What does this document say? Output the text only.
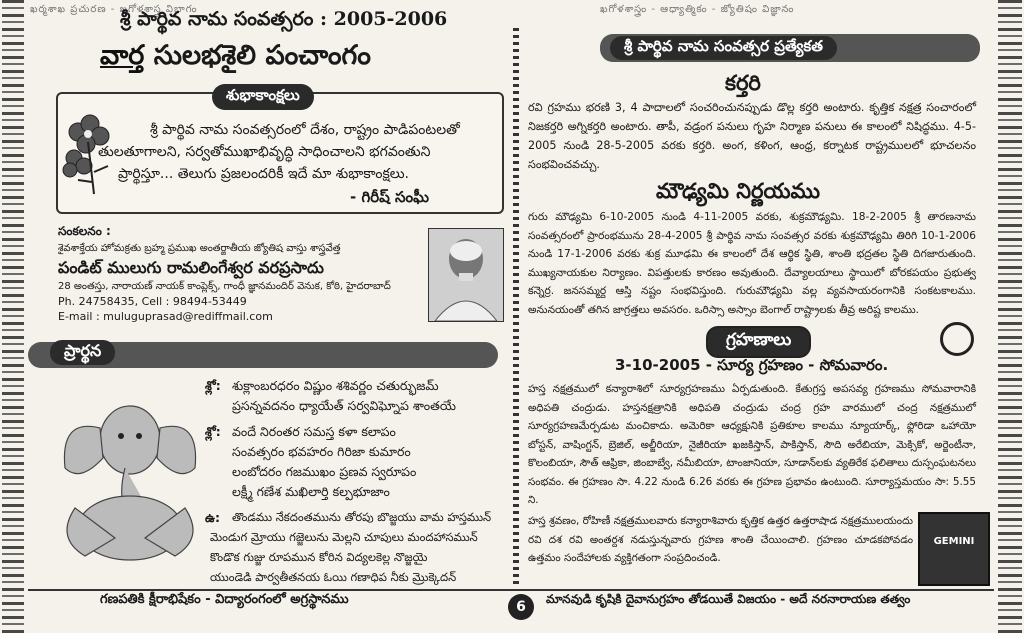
ఖర్మశాఖ ప్రచురణ - ఖగోళశాస్త్ర విభాగం	ఖగోళశాస్త్రం - ఆధ్యాత్మికం - జ్యోతిషం విజ్ఞానం
శ్రీ పార్థివ నామ సంవత్సరం : 2005-2006
వార్త సులభశైలి పంచాంగం
శుభాకాంక్షలు
శ్రీ పార్థివ నామ సంవత్సరంలో దేశం, రాష్ట్రం పాడిపంటలతో
తులతూగాలని, సర్వతోముఖాభివృద్ధి సాధించాలని భగవంతుని
ప్రార్థిస్తూ... తెలుగు ప్రజలందరికీ ఇదే మా శుభాకాంక్షలు.
- గిరీష్ సంఘీ
సంకలనం :
శైవశాక్తేయ హోమక్రతు బ్రహ్మ ప్రముఖ అంతర్జాతీయ జ్యోతిష వాస్తు శాస్త్రవేత్త
పండిట్ ములుగు రామలింగేశ్వర వరప్రసాదు
28 అంతస్తు, నారాయణ్ నాయక్ కాంప్లెక్స్, గాంధీ జ్ఞానమందిర్ వెనుక, కోఠి, హైదరాబాద్
Ph. 24758435, Cell : 98494-53449
E-mail : muluguprasad@rediffmail.com
ప్రార్థన
శ్లో: శుక్లాంబరధరం విష్ణుం శశివర్ణం చతుర్భుజమ్
ప్రసన్నవదనం ధ్యాయేత్ సర్వవిఘ్నోప శాంతయే
శ్లో: వందే నిరంతర సమస్త కళా కలాపం
సంవత్సరం భవహరం గిరిజా కుమారం
లంబోదరం గజముఖం ప్రణవ స్వరూపం
లక్ష్మీ గణేశ మఖిలార్తి కల్పభూజాం
ఉ: తొండము నేకదంతమును తోరపు బొజ్జయు వామ హస్తమున్
మెండుగ మ్రోయు గజ్జెలును మెల్లని చూపులు మందహాసమున్
కొండొక గుజ్జు రూపమున కోరిన విద్యలకెల్ల నొజ్జయై
యుండెడి పార్వతీతనయ ఓయి గణాధిప నీకు మ్రొక్కెదన్
శ్రీ పార్థివ నామ సంవత్సర ప్రత్యేకత
కర్తరి
రవి గ్రహము భరణి 3, 4 పాదాలలో సంచరించునప్పుడు డొల్ల కర్తరి అంటారు. కృత్తిక నక్షత్ర సంచారంలో నిజకర్తరి అగ్నికర్తరి అంటారు. తాపీ, వడ్రంగ పనులు గృహ నిర్మాణ పనులు ఈ కాలంలో నిషిద్ధము. 4-5-2005 నుండి 28-5-2005 వరకు కర్తరి. అంగ, కళింగ, ఆంధ్ర, కర్నాటక రాష్ట్రములలో భూచలనం సంభవించవచ్చు.
మౌఢ్యమి నిర్ణయము
గురు మౌఢ్యమి 6-10-2005 నుండి 4-11-2005 వరకు, శుక్రమౌఢ్యమి. 18-2-2005 శ్రీ తారణనామ సంవత్సరంలో ప్రారంభమును 28-4-2005 శ్రీ పార్థివ నామ సంవత్సర వరకు శుక్రమౌఢ్యమి తిరిగి 10-1-2006 నుండి 17-1-2006 వరకు శుక్ర మూఢమి ఈ కాలంలో దేశ ఆర్థిక స్థితి, శాంతి భద్రతల స్థితి దిగజారుతుంది. ముఖ్యనాయకుల నిర్యాణం. విపత్తులకు కారణం అవుతుంది. దేవ్యాలయాలు స్థాయిలో బోరకపయం ప్రభుత్వ కన్నెర్ర. జనసమ్మర్ద ఆస్తి నష్టం సంభవిస్తుంది. గురుమౌఢ్యమి వల్ల వ్యవసాయరంగానికి సంకటకాలము. అనునయంతో తగిన జాగ్రత్తలు అవసరం. ఒరిస్సా అస్సాం బెంగాల్ రాష్ట్రాలకు తీవ్ర అరిష్ట కాలము.
గ్రహణాలు
3-10-2005 - సూర్య గ్రహణం - సోమవారం.
హస్త నక్షత్రములో కన్యారాశిలో సూర్యగ్రహణము ఏర్పడుతుంది. కేతుగ్రస్త అపసవ్య గ్రహణము సోమవారానికి అధిపతి చంద్రుడు. హస్తనక్షత్రానికి అధిపతి చంద్రుడు చంద్ర గ్రహ వారములో చంద్ర నక్షత్రములో సూర్యగ్రహణమేర్పడుట మంచికాదు. అమెరికా ఆధ్యక్షునికి ప్రతికూల కాలము న్యూయార్క్, ఫ్లోరిడా ఒహాయో బోస్టన్, వాషింగ్టన్, బ్రెజిల్, అల్జీరియా, నైజీరియా ఖజకిస్తాన్, పాకిస్తాన్, సౌది అరేబియా, మెక్సికో, అర్జెంటీనా, కొలంబియా, సౌత్ ఆఫ్రికా, జింబాబ్వే, నమీబియా, టాంజానియా, సూడాన్‌లకు వ్యతిరేక ఫలితాలు దుస్సంఘటనలు సంభవం. ఈ గ్రహణం సా. 4.22 నుండి 6.26 వరకు ఈ గ్రహణ ప్రభావం ఉంటుంది. సూర్యాస్తమయం సా: 5.55 ని.
హస్త శ్రవణం, రోహిణీ నక్షత్రములవారు కన్యారాశివారు కృత్తిక ఉత్తర ఉత్తరాషాడ నక్షత్రములయందు రవి దశ రవి అంతర్దశ నడుస్తున్నవారు గ్రహణ శాంతి చేయించాలి. గ్రహణం చూడకపోవడం ఉత్తమం సందేహాలకు వ్యక్తిగతంగా సంప్రదించండి.
GEMINI
గణపతికి క్షీరాభిషేకం - విద్యారంగంలో అగ్రస్థానము	6	మానవుడి కృషికి దైవానుగ్రహం తోడయితే విజయం - అదే నరనారాయణ తత్వం
